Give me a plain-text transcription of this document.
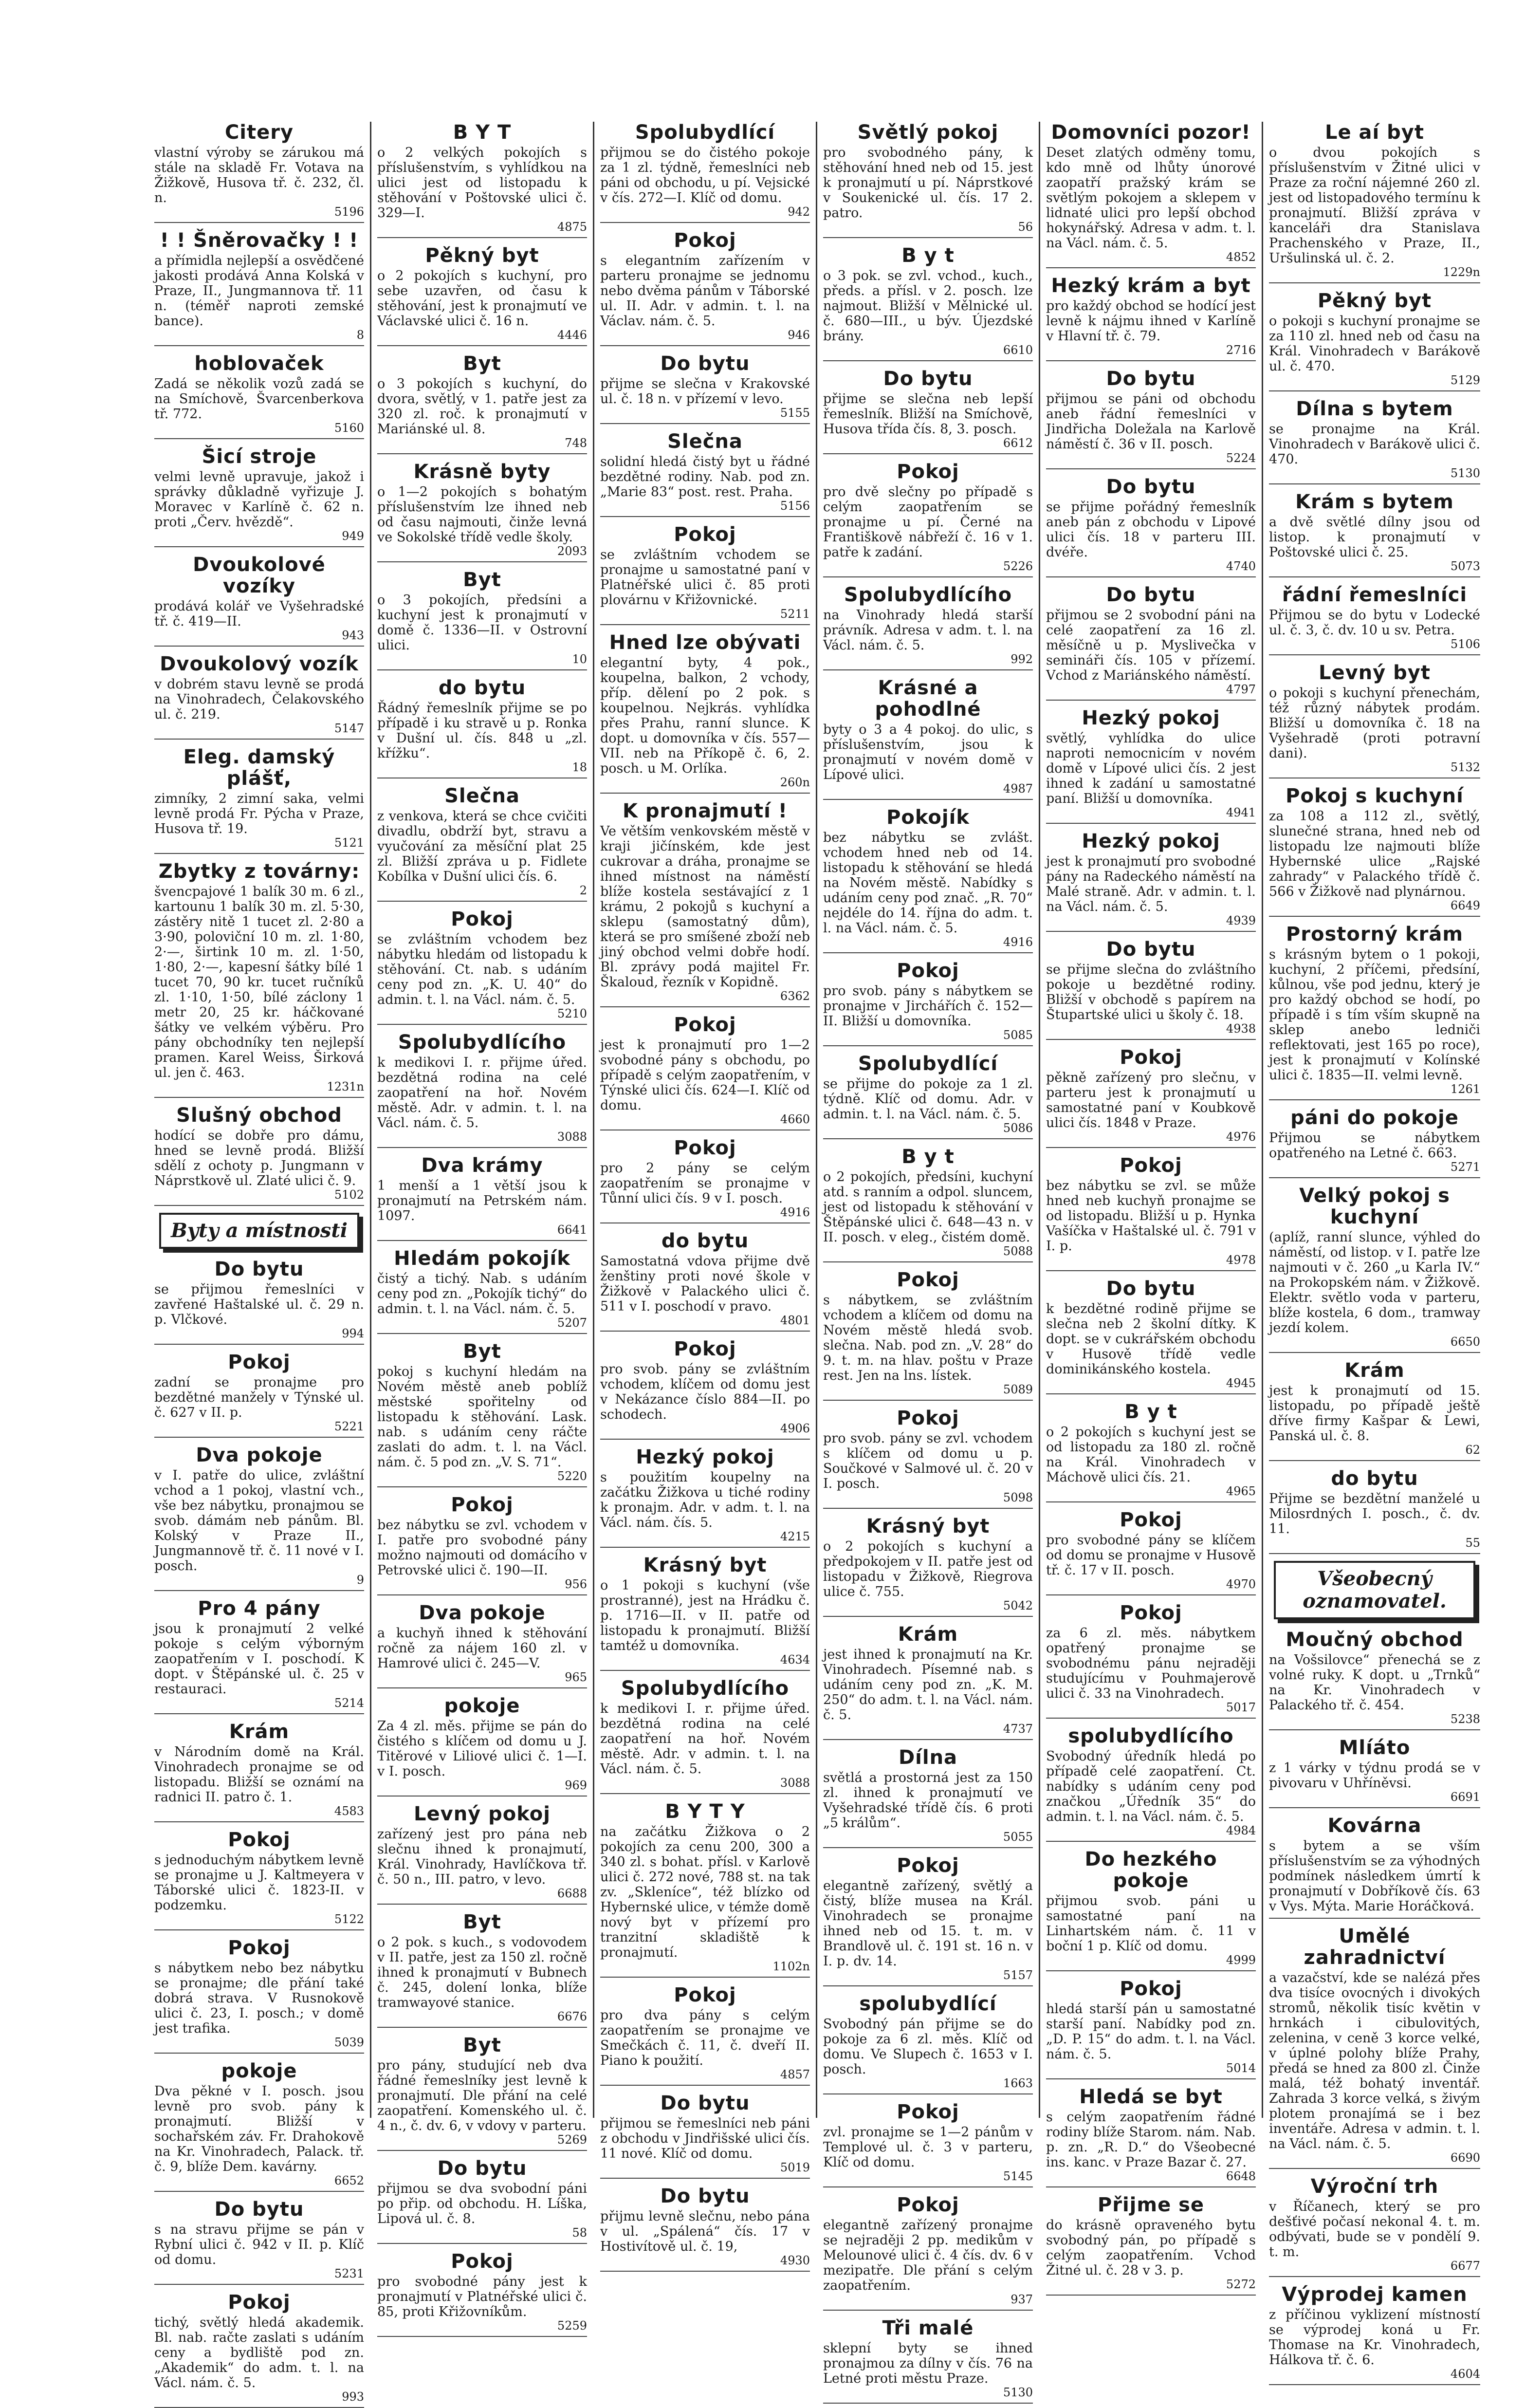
Citery

vlastní výroby se zárukou má stále na skladě Fr. Votava na Žižkově, Husova tř. č. 232, čl. n.

5196
! ! Šněrovačky ! !

a přímidla nejlepší a osvědčené jakosti prodává Anna Kolská v Praze, II., Jungmannova tř. 11 n. (téměř naproti zemské bance).

8
hoblovaček

Zadá se několik vozů zadá se na Smíchově, Švarcenberkova tř. 772.

5160
Šicí stroje

velmi levně upravuje, jakož i správky důkladně vyřizuje J. Moravec v Karlíně č. 62 n. proti „Červ. hvězdě“.

949
Dvoukolové vozíky

prodává kolář ve Vyšehradské tř. č. 419—II.

943
Dvoukolový vozík

v dobrém stavu levně se prodá na Vinohradech, Čelakovského ul. č. 219.

5147
Eleg. damský plášť,

zimníky, 2 zimní saka, velmi levně prodá Fr. Pýcha v Praze, Husova tř. 19.

5121
Zbytky z továrny:

švencpajové 1 balík 30 m. 6 zl., kartounu 1 balík 30 m. zl. 5·30, zástěry nitě 1 tucet zl. 2·80 a 3·90, poloviční 10 m. zl. 1·80, 2·—, širtink 10 m. zl. 1·50, 1·80, 2·—, kapesní šátky bílé 1 tucet 70, 90 kr. tucet ručníků zl. 1·10, 1·50, bílé záclony 1 metr 20, 25 kr. háčkované šátky ve velkém výběru. Pro pány obchodníky ten nejlepší pramen. Karel Weiss, Širková ul. jen č. 463.

1231n
Slušný obchod

hodící se dobře pro dámu, hned se levně prodá. Bližší sdělí z ochoty p. Jungmann v Náprstkově ul. Zlaté ulici č. 9.

5102
Byty a místnosti
Do bytu

se přijmou řemeslníci v zavřené Haštalské ul. č. 29 n. p. Vlčkové.

994
Pokoj

zadní se pronajme pro bezdětné manžely v Týnské ul. č. 627 v II. p.

5221
Dva pokoje

v I. patře do ulice, zvláštní vchod a 1 pokoj, vlastní vch., vše bez nábytku, pronajmou se svob. dámám neb pánům. Bl. Kolský v Praze II., Jungmannově tř. č. 11 nové v I. posch.

9
Pro 4 pány

jsou k pronajmutí 2 velké pokoje s celým výborným zaopatřením v I. poschodí. K dopt. v Štěpánské ul. č. 25 v restauraci.

5214
Krám

v Národním domě na Král. Vinohradech pronajme se od listopadu. Bližší se oznámí na radnici II. patro č. 1.

4583
Pokoj

s jednoduchým nábytkem levně se pronajme u J. Kaltmeyera v Táborské ulici č. 1823-II. v podzemku.

5122
Pokoj

s nábytkem nebo bez nábytku se pronajme; dle přání také dobrá strava. V Rusnokově ulici č. 23, I. posch.; v domě jest trafika.

5039
pokoje

Dva pěkné v I. posch. jsou levně pro svob. pány k pronajmutí. Bližší v sochařském záv. Fr. Drahokově na Kr. Vinohradech, Palack. tř. č. 9, blíže Dem. kavárny.

6652
Do bytu

s na stravu přijme se pán v Rybní ulici č. 942 v II. p. Klíč od domu.

5231
Pokoj

tichý, světlý hledá akademik. Bl. nab. račte zaslati s udáním ceny a bydliště pod zn. „Akademik“ do adm. t. l. na Václ. nám. č. 5.

993
B Y T

o 2 velkých pokojích s příslušenstvím, s vyhlídkou na ulici jest od listopadu k stěhování v Poštovské ulici č. 329—I.

4875
Pěkný byt

o 2 pokojích s kuchyní, pro sebe uzavřen, od času k stěhování, jest k pronajmutí ve Václavské ulici č. 16 n.

4446
Byt

o 3 pokojích s kuchyní, do dvora, světlý, v 1. patře jest za 320 zl. roč. k pronajmutí v Mariánské ul. 8.

748
Krásně byty

o 1—2 pokojích s bohatým příslušenstvím lze ihned neb od času najmouti, činže levná ve Sokolské třídě vedle školy.

2093
Byt

o 3 pokojích, předsíni a kuchyní jest k pronajmutí v domě č. 1336—II. v Ostrovní ulici.

10
do bytu

Řádný řemeslník přijme se po případě i ku stravě u p. Ronka v Dušní ul. čís. 848 u „zl. křížku“.

18
Slečna

z venkova, která se chce cvičiti divadlu, obdrží byt, stravu a vyučování za měsíční plat 25 zl. Bližší zpráva u p. Fidlete Kobílka v Dušní ulici čís. 6.

2
Pokoj

se zvláštním vchodem bez nábytku hledám od listopadu k stěhování. Ct. nab. s udáním ceny pod zn. „K. U. 40“ do admin. t. l. na Václ. nám. č. 5.

5210
Spolubydlícího

k medikovi I. r. přijme úřed. bezdětná rodina na celé zaopatření na hoř. Novém městě. Adr. v admin. t. l. na Václ. nám. č. 5.

3088
Dva krámy

1 menší a 1 větší jsou k pronajmutí na Petrském nám. 1097.

6641
Hledám pokojík

čistý a tichý. Nab. s udáním ceny pod zn. „Pokojík tichý“ do admin. t. l. na Václ. nám. č. 5.

5207
Byt

pokoj s kuchyní hledám na Novém městě aneb poblíž městské spořitelny od listopadu k stěhování. Lask. nab. s udáním ceny ráčte zaslati do adm. t. l. na Václ. nám. č. 5 pod zn. „V. S. 71“.

5220
Pokoj

bez nábytku se zvl. vchodem v I. patře pro svobodné pány možno najmouti od domácího v Petrovské ulici č. 190—II.

956
Dva pokoje

a kuchyň ihned k stěhování ročně za nájem 160 zl. v Hamrové ulici č. 245—V.

965
pokoje

Za 4 zl. měs. přijme se pán do čistého s klíčem od domu u J. Titěrové v Liliové ulici č. 1—I. v I. posch.

969
Levný pokoj

zařízený jest pro pána neb slečnu ihned k pronajmutí, Král. Vinohrady, Havlíčkova tř. č. 50 n., III. patro, v levo.

6688
Byt

o 2 pok. s kuch., s vodovodem v II. patře, jest za 150 zl. ročně ihned k pronajmutí v Bubnech č. 245, dolení lonka, blíže tramwayové stanice.

6676
Byt

pro pány, studující neb dva řádné řemeslníky jest levně k pronajmutí. Dle přání na celé zaopatření. Komenského ul. č. 4 n., č. dv. 6, v vdovy v parteru.

5269
Do bytu

přijmou se dva svobodní páni po přip. od obchodu. H. Líška, Lipová ul. č. 8.

58
Pokoj

pro svobodné pány jest k pronajmutí v Platnéřské ulici č. 85, proti Křižovníkům.

5259
Spolubydlící

přijmou se do čistého pokoje za 1 zl. týdně, řemeslníci neb páni od obchodu, u pí. Vejsické v čís. 272—I. Klíč od domu.

942
Pokoj

s elegantním zařízením v parteru pronajme se jednomu nebo dvěma pánům v Táborské ul. II. Adr. v admin. t. l. na Václav. nám. č. 5.

946
Do bytu

přijme se slečna v Krakovské ul. č. 18 n. v přízemí v levo.

5155
Slečna

solidní hledá čistý byt u řádné bezdětné rodiny. Nab. pod zn. „Marie 83“ post. rest. Praha.

5156
Pokoj

se zvláštním vchodem se pronajme u samostatné paní v Platnéřské ulici č. 85 proti plovárnu v Křižovnické.

5211
Hned lze obývati

elegantní byty, 4 pok., koupelna, balkon, 2 vchody, příp. dělení po 2 pok. s koupelnou. Nejkrás. vyhlídka přes Prahu, ranní slunce. K dopt. u domovníka v čís. 557—VII. neb na Příkopě č. 6, 2. posch. u M. Orlíka.

260n
K pronajmutí !

Ve větším venkovském městě v kraji jičínském, kde jest cukrovar a dráha, pronajme se ihned místnost na náměstí blíže kostela sestávající z 1 krámu, 2 pokojů s kuchyní a sklepu (samostatný dům), která se pro smíšené zboží neb jiný obchod velmi dobře hodí. Bl. zprávy podá majitel Fr. Škaloud, řezník v Kopidně.

6362
Pokoj

jest k pronajmutí pro 1—2 svobodné pány s obchodu, po případě s celým zaopatřením, v Týnské ulici čís. 624—I. Klíč od domu.

4660
Pokoj

pro 2 pány se celým zaopatřením se pronajme v Tůnní ulici čís. 9 v I. posch.

4916
do bytu

Samostatná vdova přijme dvě ženštiny proti nové škole v Žižkově v Palackého ulici č. 511 v I. poschodí v pravo.

4801
Pokoj

pro svob. pány se zvláštním vchodem, klíčem od domu jest v Nekázance číslo 884—II. po schodech.

4906
Hezký pokoj

s použitím koupelny na začátku Žižkova u tiché rodiny k pronajm. Adr. v adm. t. l. na Václ. nám. čís. 5.

4215
Krásný byt

o 1 pokoji s kuchyní (vše prostranné), jest na Hrádku č. p. 1716—II. v II. patře od listopadu k pronajmutí. Bližší tamtéž u domovníka.

4634
Spolubydlícího

k medikovi I. r. přijme úřed. bezdětná rodina na celé zaopatření na hoř. Novém městě. Adr. v admin. t. l. na Václ. nám. č. 5.

3088
B Y T Y

na začátku Žižkova o 2 pokojích za cenu 200, 300 a 340 zl. s bohat. přísl. v Karlově ulici č. 272 nové, 788 st. na tak zv. „Skleníce“, též blízko od Hybernské ulice, v témže domě nový byt v přízemí pro tranzitní skladiště k pronajmutí.

1102n
Pokoj

pro dva pány s celým zaopatřením se pronajme ve Smečkách č. 11, č. dveří II. Piano k použití.

4857
Do bytu

přijmou se řemeslníci neb páni z obchodu v Jindřišské ulici čís. 11 nové. Klíč od domu.

5019
Do bytu

přijmu levně slečnu, nebo pána v ul. „Spálená“ čís. 17 v Hostivítově ul. č. 19,

4930
Světlý pokoj

pro svobodného pány, k stěhování hned neb od 15. jest k pronajmutí u pí. Náprstkové v Soukenické ul. čís. 17 2. patro.

56
B y t

o 3 pok. se zvl. vchod., kuch., předs. a přísl. v 2. posch. lze najmout. Bližší v Mělnické ul. č. 680—III., u býv. Újezdské brány.

6610
Do bytu

přijme se slečna neb lepší řemeslník. Bližší na Smíchově, Husova třída čís. 8, 3. posch.

6612
Pokoj

pro dvě slečny po případě s celým zaopatřením se pronajme u pí. Černé na Františkově nábřeží č. 16 v 1. patře k zadání.

5226
Spolubydlícího

na Vinohrady hledá starší právník. Adresa v adm. t. l. na Václ. nám. č. 5.

992
Krásné a pohodlné

byty o 3 a 4 pokoj. do ulic, s příslušenstvím, jsou k pronajmutí v novém domě v Lípové ulici.

4987
Pokojík

bez nábytku se zvlášt. vchodem hned neb od 14. listopadu k stěhování se hledá na Novém městě. Nabídky s udáním ceny pod znač. „R. 70“ nejdéle do 14. října do adm. t. l. na Václ. nám. č. 5.

4916
Pokoj

pro svob. pány s nábytkem se pronajme v Jirchářích č. 152—II. Bližší u domovníka.

5085
Spolubydlící

se přijme do pokoje za 1 zl. týdně. Klíč od domu. Adr. v admin. t. l. na Václ. nám. č. 5.

5086
B y t

o 2 pokojích, předsíni, kuchyní atd. s ranním a odpol. sluncem, jest od listopadu k stěhování v Štěpánské ulici č. 648—43 n. v II. posch. v eleg., čistém domě.

5088
Pokoj

s nábytkem, se zvláštním vchodem a klíčem od domu na Novém městě hledá svob. slečna. Nab. pod zn. „V. 28“ do 9. t. m. na hlav. poštu v Praze rest. Jen na lns. lístek.

5089
Pokoj

pro svob. pány se zvl. vchodem s klíčem od domu u p. Součkové v Salmové ul. č. 20 v I. posch.

5098
Krásný byt

o 2 pokojích s kuchyní a předpokojem v II. patře jest od listopadu v Žižkově, Riegrova ulice č. 755.

5042
Krám

jest ihned k pronajmutí na Kr. Vinohradech. Písemné nab. s udáním ceny pod zn. „K. M. 250“ do adm. t. l. na Václ. nám. č. 5.

4737
Dílna

světlá a prostorná jest za 150 zl. ihned k pronajmutí ve Vyšehradské třídě čís. 6 proti „5 králům“.

5055
Pokoj

elegantně zařízený, světlý a čistý, blíže musea na Král. Vinohradech se pronajme ihned neb od 15. t. m. v Brandlově ul. č. 191 st. 16 n. v I. p. dv. 14.

5157
spolubydlící

Svobodný pán přijme se do pokoje za 6 zl. měs. Klíč od domu. Ve Slupech č. 1653 v I. posch.

1663
Pokoj

zvl. pronajme se 1—2 pánům v Templové ul. č. 3 v parteru, Klíč od domu.

5145
Pokoj

elegantně zařízený pronajme se nejraději 2 pp. medikům v Melounové ulici č. 4 čís. dv. 6 v mezipatře. Dle přání s celým zaopatřením.

937
Tři malé

sklepní byty se ihned pronajmou za dílny v čís. 76 na Letné proti městu Praze.

5130
Domovníci pozor!

Deset zlatých odměny tomu, kdo mně od lhůty únorové zaopatří pražský krám se světlým pokojem a sklepem v lidnaté ulici pro lepší obchod hokynářský. Adresa v adm. t. l. na Václ. nám. č. 5.

4852
Hezký krám a byt

pro každý obchod se hodící jest levně k nájmu ihned v Karlíně v Hlavní tř. č. 79.

2716
Do bytu

přijmou se páni od obchodu aneb řádní řemeslníci v Jindřicha Doležala na Karlově náměstí č. 36 v II. posch.

5224
Do bytu

se přijme pořádný řemeslník aneb pán z obchodu v Lipové ulici čís. 18 v parteru III. dvéře.

4740
Do bytu

přijmou se 2 svobodní páni na celé zaopatření za 16 zl. měsíčně u p. Myslivečka v semináři čís. 105 v přízemí. Vchod z Mariánského náměstí.

4797
Hezký pokoj

světlý, vyhlídka do ulice naproti nemocnicím v novém domě v Lípové ulici čís. 2 jest ihned k zadání u samostatné paní. Bližší u domovníka.

4941
Hezký pokoj

jest k pronajmutí pro svobodné pány na Radeckého náměstí na Malé straně. Adr. v admin. t. l. na Václ. nám. č. 5.

4939
Do bytu

se přijme slečna do zvláštního pokoje u bezdětné rodiny. Bližší v obchodě s papírem na Štupartské ulici u školy č. 18.

4938
Pokoj

pěkně zařízený pro slečnu, v parteru jest k pronajmutí u samostatné paní v Koubkově ulici čís. 1848 v Praze.

4976
Pokoj

bez nábytku se zvl. se může hned neb kuchyň pronajme se od listopadu. Bližší u p. Hynka Vašíčka v Haštalské ul. č. 791 v I. p.

4978
Do bytu

k bezdětné rodině přijme se slečna neb 2 školní dítky. K dopt. se v cukrářském obchodu v Husově třídě vedle dominikánského kostela.

4945
B y t

o 2 pokojích s kuchyní jest se od listopadu za 180 zl. ročně na Král. Vinohradech v Máchově ulici čís. 21.

4965
Pokoj

pro svobodné pány se klíčem od domu se pronajme v Husově tř. č. 17 v II. posch.

4970
Pokoj

za 6 zl. měs. nábytkem opatřený pronajme se svobodnému pánu nejraději studujícímu v Pouhmajerově ulici č. 33 na Vinohradech.

5017
spolubydlícího

Svobodný úředník hledá po případě celé zaopatření. Ct. nabídky s udáním ceny pod značkou „Úředník 35“ do admin. t. l. na Václ. nám. č. 5.

4984
Do hezkého pokoje

přijmou svob. páni u samostatné paní na Linhartském nám. č. 11 v boční 1 p. Klíč od domu.

4999
Pokoj

hledá starší pán u samostatné starší paní. Nabídky pod zn. „D. P. 15“ do adm. t. l. na Václ. nám. č. 5.

5014
Hledá se byt

s celým zaopatřením řádné rodiny blíže Starom. nám. Nab. p. zn. „R. D.“ do Všeobecné ins. kanc. v Praze Bazar č. 27.

6648
Přijme se

do krásně opraveného bytu svobodný pán, po případě s celým zaopatřením. Vchod Žitné ul. č. 28 v 3. p.

5272
Le aí byt

o dvou pokojích s příslušenstvím v Žitné ulici v Praze za roční nájemné 260 zl. jest od listopadového termínu k pronajmutí. Bližší zpráva v kanceláři dra Stanislava Prachenského v Praze, II., Uršulinská ul. č. 2.

1229n
Pěkný byt

o pokoji s kuchyní pronajme se za 110 zl. hned neb od času na Král. Vinohradech v Barákově ul. č. 470.

5129
Dílna s bytem

se pronajme na Král. Vinohradech v Barákově ulici č. 470.

5130
Krám s bytem

a dvě světlé dílny jsou od listop. k pronajmutí v Poštovské ulici č. 25.

5073
řádní řemeslníci

Přijmou se do bytu v Lodecké ul. č. 3, č. dv. 10 u sv. Petra.

5106
Levný byt

o pokoji s kuchyní přenechám, též různý nábytek prodám. Bližší u domovníka č. 18 na Vyšehradě (proti potravní dani).

5132
Pokoj s kuchyní

za 108 a 112 zl., světlý, slunečné strana, hned neb od listopadu lze najmouti blíže Hybernské ulice „Rajské zahrady“ v Palackého třídě č. 566 v Žižkově nad plynárnou.

6649
Prostorný krám

s krásným bytem o 1 pokoji, kuchyní, 2 příčemi, předsíní, kůlnou, vše pod jednu, který je pro každý obchod se hodí, po případě i s tím vším skupně na sklep anebo ledniči reflektovati, jest 165 po roce), jest k pronajmutí v Kolínské ulici č. 1835—II. velmi levně.

1261
páni do pokoje

Přijmou se nábytkem opatřeného na Letné č. 663.

5271
Velký pokoj s kuchyní

(aplíž, ranní slunce, výhled do náměstí, od listop. v I. patře lze najmouti v č. 260 „u Karla IV.“ na Prokopském nám. v Žižkově. Elektr. světlo voda v parteru, blíže kostela, 6 dom., tramway jezdí kolem.

6650
Krám

jest k pronajmutí od 15. listopadu, po případě ještě dříve firmy Kašpar & Lewi, Panská ul. č. 8.

62
do bytu

Přijme se bezdětní manželé u Milosrdných I. posch., č. dv. 11.

55
Všeobecný oznamovatel.
Moučný obchod

na Vošsilovce“ přenechá se z volné ruky. K dopt. u „Trnků“ na Kr. Vinohradech v Palackého tř. č. 454.

5238
Mlíáto

z 1 várky v týdnu prodá se v pivovaru v Uhříněvsi.

6691
Kovárna

s bytem a se vším příslušenstvím se za výhodných podmínek následkem úmrtí k pronajmutí v Dobříkově čís. 63 v Vys. Mýta. Marie Horáčková.

Umělé zahradnictví

a vazačství, kde se nalézá přes dva tisíce ovocných i divokých stromů, několik tisíc květin v hrnkách i cibulovitých, zelenina, v ceně 3 korce velké, v úplné polohy blíže Prahy, předá se hned za 800 zl. Činže malá, též bohatý inventář. Zahrada 3 korce velká, s živým plotem pronajímá se i bez inventáře. Adresa v admin. t. l. na Václ. nám. č. 5.

6690
Výroční trh

v Říčanech, který se pro dešťivé počasí nekonal 4. t. m. odbývati, bude se v pondělí 9. t. m.

6677
Výprodej kamen

z příčinou vyklizení místností se výprodej koná u Fr. Thomase na Kr. Vinohradech, Hálkova tř. č. 6.

4604
